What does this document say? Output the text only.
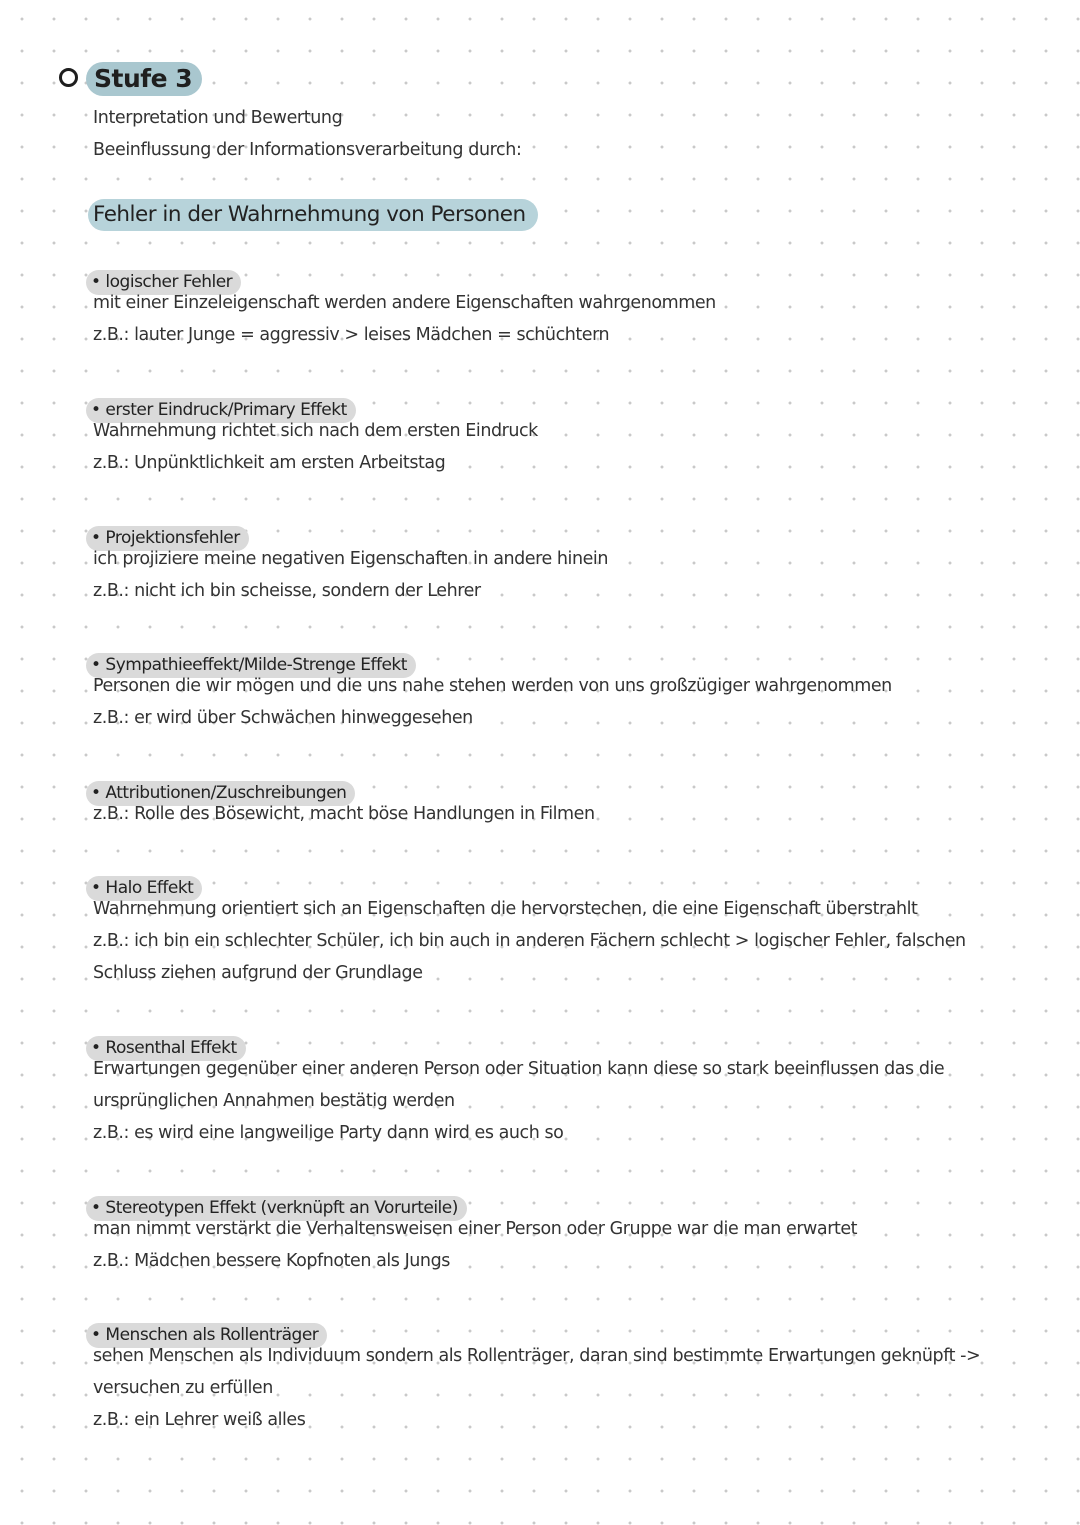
Stufe 3
Interpretation und Bewertung
Beeinflussung der Informationsverarbeitung durch:
Fehler in der Wahrnehmung von Personen
• logischer Fehler
mit einer Einzeleigenschaft werden andere Eigenschaften wahrgenommen
z.B.: lauter Junge = aggressiv > leises Mädchen = schüchtern
• erster Eindruck/Primary Effekt
Wahrnehmung richtet sich nach dem ersten Eindruck
z.B.: Unpünktlichkeit am ersten Arbeitstag
• Projektionsfehler
ich projiziere meine negativen Eigenschaften in andere hinein
z.B.: nicht ich bin scheisse, sondern der Lehrer
• Sympathieeffekt/Milde-Strenge Effekt
Personen die wir mögen und die uns nahe stehen werden von uns großzügiger wahrgenommen
z.B.: er wird über Schwächen hinweggesehen
• Attributionen/Zuschreibungen
z.B.: Rolle des Bösewicht, macht böse Handlungen in Filmen
• Halo Effekt
Wahrnehmung orientiert sich an Eigenschaften die hervorstechen, die eine Eigenschaft überstrahlt
z.B.: ich bin ein schlechter Schüler, ich bin auch in anderen Fächern schlecht > logischer Fehler, falschen
Schluss ziehen aufgrund der Grundlage
• Rosenthal Effekt
Erwartungen gegenüber einer anderen Person oder Situation kann diese so stark beeinflussen das die
ursprünglichen Annahmen bestätig werden
z.B.: es wird eine langweilige Party dann wird es auch so
• Stereotypen Effekt (verknüpft an Vorurteile)
man nimmt verstärkt die Verhaltensweisen einer Person oder Gruppe war die man erwartet
z.B.: Mädchen bessere Kopfnoten als Jungs
• Menschen als Rollenträger
sehen Menschen als Individuum sondern als Rollenträger, daran sind bestimmte Erwartungen geknüpft ->
versuchen zu erfüllen
z.B.: ein Lehrer weiß alles
